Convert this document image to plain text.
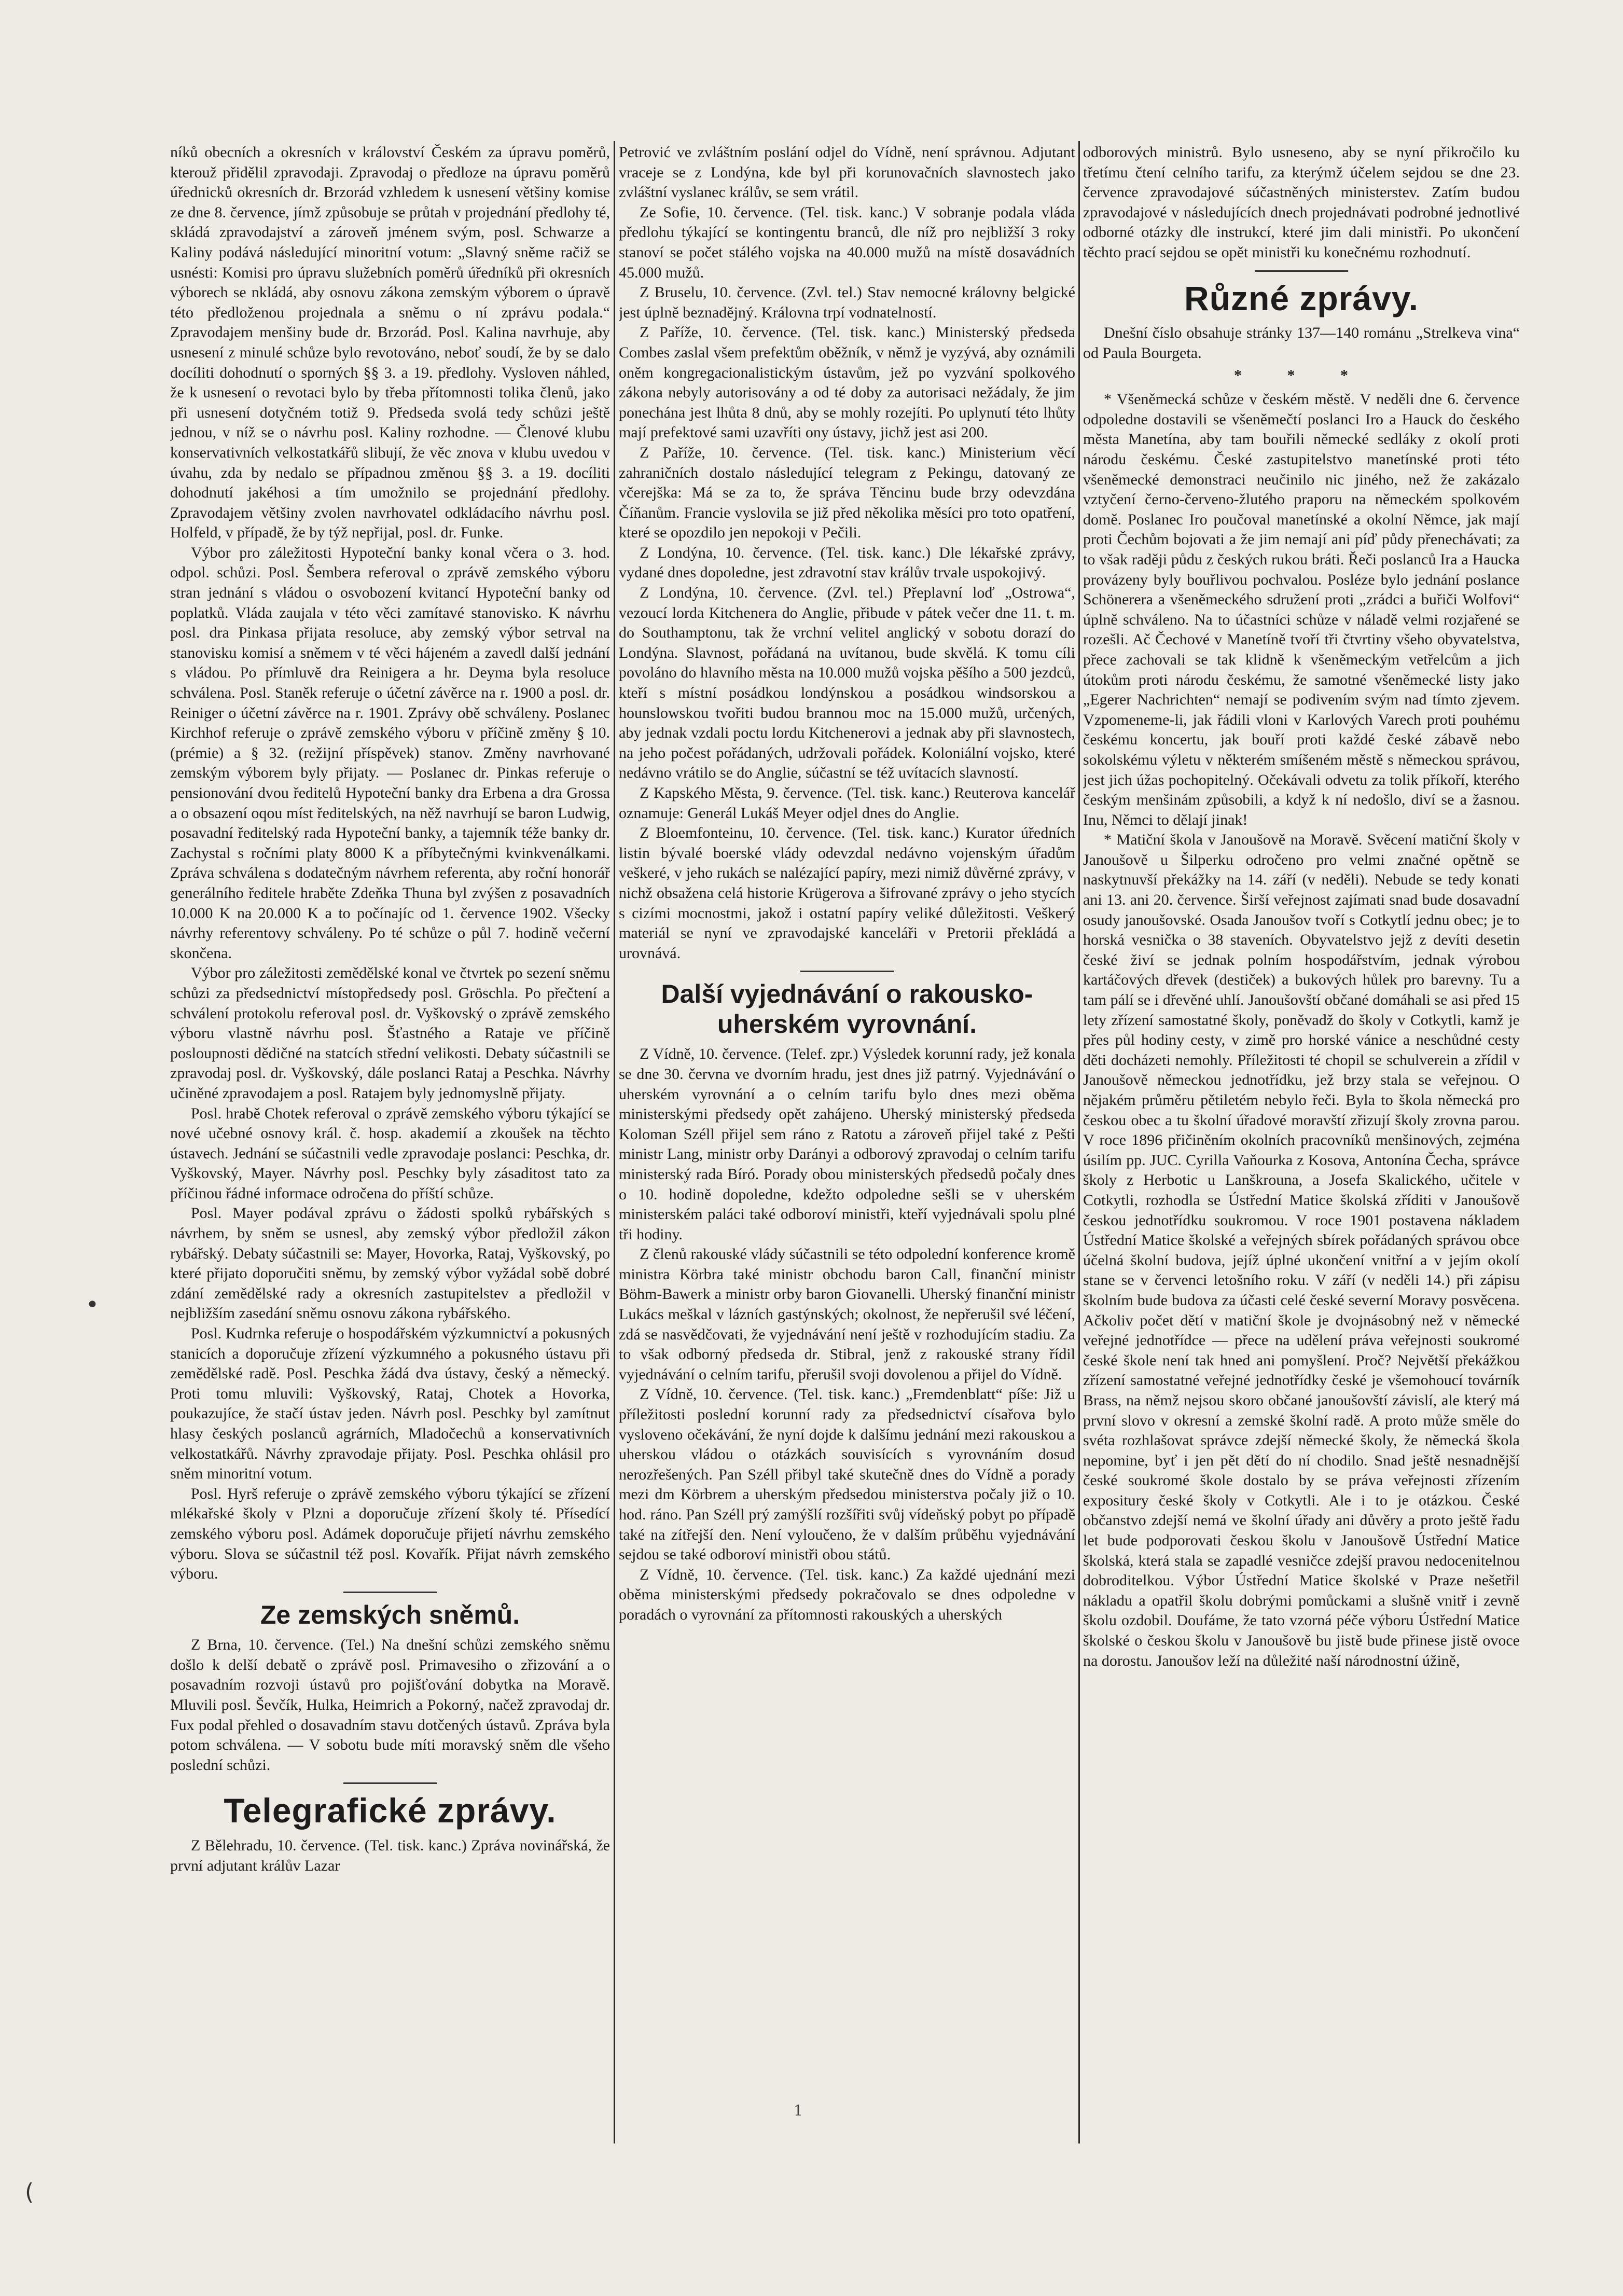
níků obecních a okresních v království Českém za úpravu poměrů, kterouž přidělil zpravodaji. Zpravodaj o předloze na úpravu poměrů úřednicků okresních dr. Brzorád vzhledem k usnesení většiny komise ze dne 8. července, jímž způsobuje se průtah v projednání předlohy té, skládá zpravodajství a zároveň jménem svým, posl. Schwarze a Kaliny podává následující minoritní votum: „Slavný sněme račiž se usnésti: Komisi pro úpravu služebních poměrů úředníků při okresních výborech se nkládá, aby osnovu zákona zemským výborem o úpravě této předloženou projednala a sněmu o ní zprávu podala.“ Zpravodajem menšiny bude dr. Brzorád. Posl. Kalina navrhuje, aby usnesení z minulé schůze bylo revotováno, neboť soudí, že by se dalo docíliti dohodnutí o sporných §§ 3. a 19. předlohy. Vysloven náhled, že k usnesení o revotaci bylo by třeba přítomnosti tolika členů, jako při usnesení dotyčném totiž 9. Předseda svolá tedy schůzi ještě jednou, v níž se o návrhu posl. Kaliny rozhodne. — Členové klubu konservativních velkostatkářů slibují, že věc znova v klubu uvedou v úvahu, zda by nedalo se případnou změnou §§ 3. a 19. docíliti dohodnutí jakéhosi a tím umožnilo se projednání předlohy. Zpravodajem většiny zvolen navrhovatel odkládacího návrhu posl. Holfeld, v případě, že by týž nepřijal, posl. dr. Funke.

Výbor pro záležitosti Hypoteční banky konal včera o 3. hod. odpol. schůzi. Posl. Šembera referoval o zprávě zemského výboru stran jednání s vládou o osvobození kvitancí Hypoteční banky od poplatků. Vláda zaujala v této věci zamítavé stanovisko. K návrhu posl. dra Pinkasa přijata resoluce, aby zemský výbor setrval na stanovisku komisí a sněmem v té věci hájeném a zavedl další jednání s vládou. Po přímluvě dra Reinigera a hr. Deyma byla resoluce schválena. Posl. Staněk referuje o účetní závěrce na r. 1900 a posl. dr. Reiniger o účetní závěrce na r. 1901. Zprávy obě schváleny. Poslanec Kirchhof referuje o zprávě zemského výboru v příčině změny § 10. (prémie) a § 32. (režijní příspěvek) stanov. Změny navrhované zemským výborem byly přijaty. — Poslanec dr. Pinkas referuje o pensionování dvou ředitelů Hypoteční banky dra Erbena a dra Grossa a o obsazení oqou míst ředitelských, na něž navrhují se baron Ludwig, posavadní ředitelský rada Hypoteční banky, a tajemník téže banky dr. Zachystal s ročními platy 8000 K a příbytečnými kvinkvenálkami. Zpráva schválena s dodatečným návrhem referenta, aby roční honorář generálního ředitele hraběte Zdeňka Thuna byl zvýšen z posavadních 10.000 K na 20.000 K a to počínajíc od 1. července 1902. Všecky návrhy referentovy schváleny. Po té schůze o půl 7. hodině večerní skončena.

Výbor pro záležitosti zemědělské konal ve čtvrtek po sezení sněmu schůzi za předsednictví místopředsedy posl. Gröschla. Po přečtení a schválení protokolu referoval posl. dr. Vyškovský o zprávě zemského výboru vlastně návrhu posl. Šťastného a Rataje ve příčině posloupnosti dědičné na statcích střední velikosti. Debaty súčastnili se zpravodaj posl. dr. Vyškovský, dále poslanci Rataj a Peschka. Návrhy učiněné zpravodajem a posl. Ratajem byly jednomyslně přijaty.

Posl. hrabě Chotek referoval o zprávě zemského výboru týkající se nové učebné osnovy král. č. hosp. akademií a zkoušek na těchto ústavech. Jednání se súčastnili vedle zpravodaje poslanci: Peschka, dr. Vyškovský, Mayer. Návrhy posl. Peschky byly zásaditost tato za příčinou řádné informace odročena do příští schůze.

Posl. Mayer podával zprávu o žádosti spolků rybářských s návrhem, by sněm se usnesl, aby zemský výbor předložil zákon rybářský. Debaty súčastnili se: Mayer, Hovorka, Rataj, Vyškovský, po které přijato doporučiti sněmu, by zemský výbor vyžádal sobě dobré zdání zemědělské rady a okresních zastupitelstev a předložil v nejbližším zasedání sněmu osnovu zákona rybářského.

Posl. Kudrnka referuje o hospodářském výzkumnictví a pokusných stanicích a doporučuje zřízení výzkumného a pokusného ústavu při zemědělské radě. Posl. Peschka žádá dva ústavy, český a německý. Proti tomu mluvili: Vyškovský, Rataj, Chotek a Hovorka, poukazujíce, že stačí ústav jeden. Návrh posl. Peschky byl zamítnut hlasy českých poslanců agrárních, Mladočechů a konservativních velkostatkářů. Návrhy zpravodaje přijaty. Posl. Peschka ohlásil pro sněm minoritní votum.

Posl. Hyrš referuje o zprávě zemského výboru týkající se zřízení mlékařské školy v Plzni a doporučuje zřízení školy té. Přísedící zemského výboru posl. Adámek doporučuje přijetí návrhu zemského výboru. Slova se súčastnil též posl. Kovařík. Přijat návrh zemského výboru.

Ze zemských sněmů.

Z Brna, 10. července. (Tel.) Na dnešní schůzi zemského sněmu došlo k delší debatě o zprávě posl. Primavesiho o zřizování a o posavadním rozvoji ústavů pro pojišťování dobytka na Moravě. Mluvili posl. Ševčík, Hulka, Heimrich a Pokorný, načež zpravodaj dr. Fux podal přehled o dosavadním stavu dotčených ústavů. Zpráva byla potom schválena. — V sobotu bude míti moravský sněm dle všeho poslední schůzi.

Telegrafické zprávy.

Z Bělehradu, 10. července. (Tel. tisk. kanc.) Zpráva novinářská, že první adjutant králův Lazar

Petrović ve zvláštním poslání odjel do Vídně, není správnou. Adjutant vraceje se z Londýna, kde byl při korunovačních slavnostech jako zvláštní vyslanec králův, se sem vrátil.

Ze Sofie, 10. července. (Tel. tisk. kanc.) V sobranje podala vláda předlohu týkající se kontingentu branců, dle níž pro nejbližší 3 roky stanoví se počet stálého vojska na 40.000 mužů na místě dosavádních 45.000 mužů.

Z Bruselu, 10. července. (Zvl. tel.) Stav nemocné královny belgické jest úplně beznadějný. Královna trpí vodnatelností.

Z Paříže, 10. července. (Tel. tisk. kanc.) Ministerský předseda Combes zaslal všem prefektům oběžník, v němž je vyzývá, aby oznámili oněm kongregacionalistickým ústavům, jež po vyzvání spolkového zákona nebyly autorisovány a od té doby za autorisaci nežádaly, že jim ponechána jest lhůta 8 dnů, aby se mohly rozejíti. Po uplynutí této lhůty mají prefektové sami uzavříti ony ústavy, jichž jest asi 200.

Z Paříže, 10. července. (Tel. tisk. kanc.) Ministerium věcí zahraničních dostalo následující telegram z Pekingu, datovaný ze včerejška: Má se za to, že správa Těncinu bude brzy odevzdána Číňanům. Francie vyslovila se již před několika měsíci pro toto opatření, které se opozdilo jen nepokoji v Pečili.

Z Londýna, 10. července. (Tel. tisk. kanc.) Dle lékařské zprávy, vydané dnes dopoledne, jest zdravotní stav králův trvale uspokojivý.

Z Londýna, 10. července. (Zvl. tel.) Přeplavní loď „Ostrowa“, vezoucí lorda Kitchenera do Anglie, přibude v pátek večer dne 11. t. m. do Southamptonu, tak že vrchní velitel anglický v sobotu dorazí do Londýna. Slavnost, pořádaná na uvítanou, bude skvělá. K tomu cíli povoláno do hlavního města na 10.000 mužů vojska pěšího a 500 jezdců, kteří s místní posádkou londýnskou a posádkou windsorskou a hounslowskou tvořiti budou brannou moc na 15.000 mužů, určených, aby jednak vzdali poctu lordu Kitchenerovi a jednak aby při slavnostech, na jeho počest pořádaných, udržovali pořádek. Koloniální vojsko, které nedávno vrátilo se do Anglie, súčastní se též uvítacích slavností.

Z Kapského Města, 9. července. (Tel. tisk. kanc.) Reuterova kancelář oznamuje: Generál Lukáš Meyer odjel dnes do Anglie.

Z Bloemfonteinu, 10. července. (Tel. tisk. kanc.) Kurator úředních listin bývalé boerské vlády odevzdal nedávno vojenským úřadům veškeré, v jeho rukách se nalézající papíry, mezi nimiž důvěrné zprávy, v nichž obsažena celá historie Krügerova a šifrované zprávy o jeho stycích s cizími mocnostmi, jakož i ostatní papíry veliké důležitosti. Veškerý materiál se nyní ve zpravodajské kanceláři v Pretorii překládá a urovnává.

Další vyjednávání o rakousko-uherském vyrovnání.

Z Vídně, 10. července. (Telef. zpr.) Výsledek korunní rady, jež konala se dne 30. června ve dvorním hradu, jest dnes již patrný. Vyjednávání o uherském vyrovnání a o celním tarifu bylo dnes mezi oběma ministerskými předsedy opět zahájeno. Uherský ministerský předseda Koloman Széll přijel sem ráno z Ratotu a zároveň přijel také z Pešti ministr Lang, ministr orby Darányi a odborový zpravodaj o celním tarifu ministerský rada Bíró. Porady obou ministerských předsedů počaly dnes o 10. hodině dopoledne, kdežto odpoledne sešli se v uherském ministerském paláci také odboroví ministři, kteří vyjednávali spolu plné tři hodiny.

Z členů rakouské vlády súčastnili se této odpolední konference kromě ministra Körbra také ministr obchodu baron Call, finanční ministr Böhm-Bawerk a ministr orby baron Giovanelli. Uherský finanční ministr Lukács meškal v lázních gastýnských; okolnost, že nepřerušil své léčení, zdá se nasvědčovati, že vyjednávání není ještě v rozhodujícím stadiu. Za to však odborný předseda dr. Stibral, jenž z rakouské strany řídil vyjednávání o celním tarifu, přerušil svoji dovolenou a přijel do Vídně.

Z Vídně, 10. července. (Tel. tisk. kanc.) „Fremdenblatt“ píše: Již u příležitosti poslední korunní rady za předsednictví císařova bylo vysloveno očekávání, že nyní dojde k dalšímu jednání mezi rakouskou a uherskou vládou o otázkách souvisících s vyrovnáním dosud nerozřešených. Pan Széll přibyl také skutečně dnes do Vídně a porady mezi dm Körbrem a uherským předsedou ministerstva počaly již o 10. hod. ráno. Pan Széll prý zamýšlí rozšířiti svůj vídeňský pobyt po případě také na zítřejší den. Není vyloučeno, že v dalším průběhu vyjednávání sejdou se také odboroví ministři obou států.

Z Vídně, 10. července. (Tel. tisk. kanc.) Za každé ujednání mezi oběma ministerskými předsedy pokračovalo se dnes odpoledne v poradách o vyrovnání za přítomnosti rakouských a uherských

odborových ministrů. Bylo usneseno, aby se nyní přikročilo ku třetímu čtení celního tarifu, za kterýmž účelem sejdou se dne 23. července zpravodajové súčastněných ministerstev. Zatím budou zpravodajové v následujících dnech projednávati podrobné jednotlivé odborné otázky dle instrukcí, které jim dali ministři. Po ukončení těchto prací sejdou se opět ministři ku konečnému rozhodnutí.

Různé zprávy.

Dnešní číslo obsahuje stránky 137—140 románu „Strelkeva vina“ od Paula Bourgeta.

* * *

* Všeněmecká schůze v českém městě. V neděli dne 6. července odpoledne dostavili se všeněmečtí poslanci Iro a Hauck do českého města Manetína, aby tam bouřili německé sedláky z okolí proti národu českému. České zastupitelstvo manetínské proti této všeněmecké demonstraci neučinilo nic jiného, než že zakázalo vztyčení černo-červeno-žlutého praporu na německém spolkovém domě. Poslanec Iro poučoval manetínské a okolní Němce, jak mají proti Čechům bojovati a že jim nemají ani píď půdy přenechávati; za to však raději půdu z českých rukou bráti. Řeči poslanců Ira a Haucka provázeny byly bouřlivou pochvalou. Posléze bylo jednání poslance Schönerera a všeněmeckého sdružení proti „zrádci a buřiči Wolfovi“ úplně schváleno. Na to účastníci schůze v náladě velmi rozjařené se rozešli. Ač Čechové v Manetíně tvoří tři čtvrtiny všeho obyvatelstva, přece zachovali se tak klidně k všeněmeckým vetřelcům a jich útokům proti národu českému, že samotné všeněmecké listy jako „Egerer Nachrichten“ nemají se podivením svým nad tímto zjevem. Vzpomeneme-li, jak řádili vloni v Karlových Varech proti pouhému českému koncertu, jak bouří proti každé české zábavě nebo sokolskému výletu v některém smíšeném městě s německou správou, jest jich úžas pochopitelný. Očekávali odvetu za tolik příkoří, kterého českým menšinám způsobili, a když k ní nedošlo, diví se a žasnou. Inu, Němci to dělají jinak!

* Matiční škola v Janoušově na Moravě. Svěcení matiční školy v Janoušově u Šilperku odročeno pro velmi značné opětně se naskytnuvší překážky na 14. září (v neděli). Nebude se tedy konati ani 13. ani 20. července. Širší veřejnost zajímati snad bude dosavadní osudy janoušovské. Osada Janoušov tvoří s Cotkytlí jednu obec; je to horská vesnička o 38 staveních. Obyvatelstvo jejž z devíti desetin české živí se jednak polním hospodářstvím, jednak výrobou kartáčových dřevek (destiček) a bukových hůlek pro barevny. Tu a tam pálí se i dřevěné uhlí. Janoušovští občané domáhali se asi před 15 lety zřízení samostatné školy, poněvadž do školy v Cotkytli, kamž je přes půl hodiny cesty, v zimě pro horské vánice a neschůdné cesty děti docházeti nemohly. Příležitosti té chopil se schulverein a zřídil v Janoušově německou jednotřídku, jež brzy stala se veřejnou. O nějakém průměru pětiletém nebylo řeči. Byla to škola německá pro českou obec a tu školní úřadové moravští zřizují školy zrovna parou. V roce 1896 přičiněním okolních pracovníků menšinových, zejména úsilím pp. JUC. Cyrilla Vaňourka z Kosova, Antonína Čecha, správce školy z Herbotic u Lanškrouna, a Josefa Skalického, učitele v Cotkytli, rozhodla se Ústřední Matice školská zříditi v Janoušově českou jednotřídku soukromou. V roce 1901 postavena nákladem Ústřední Matice školské a veřejných sbírek pořádaných správou obce účelná školní budova, jejíž úplné ukončení vnitřní a v jejím okolí stane se v červenci letošního roku. V září (v neděli 14.) při zápisu školním bude budova za účasti celé české severní Moravy posvěcena. Ačkoliv počet dětí v matiční škole je dvojnásobný než v německé veřejné jednotřídce — přece na udělení práva veřejnosti soukromé české škole není tak hned ani pomyšlení. Proč? Největší překážkou zřízení samostatné veřejné jednotřídky české je všemohoucí továrník Brass, na němž nejsou skoro občané janoušovští závislí, ale který má první slovo v okresní a zemské školní radě. A proto může směle do svéta rozhlašovat správce zdejší německé školy, že německá škola nepomine, byť i jen pět dětí do ní chodilo. Snad ještě nesnadnější české soukromé škole dostalo by se práva veřejnosti zřízením expositury české školy v Cotkytli. Ale i to je otázkou. České občanstvo zdejší nemá ve školní úřady ani důvěry a proto ještě řadu let bude podporovati českou školu v Janoušově Ústřední Matice školská, která stala se zapadlé vesničce zdejší pravou nedocenitelnou dobroditelkou. Výbor Ústřední Matice školské v Praze nešetřil nákladu a opatřil školu dobrými pomůckami a slušně vnitř i zevně školu ozdobil. Doufáme, že tato vzorná péče výboru Ústřední Matice školské o českou školu v Janoušově bu jistě bude přinese jistě ovoce na dorostu. Janoušov leží na důležité naší národnostní úžině,

•
(
1
